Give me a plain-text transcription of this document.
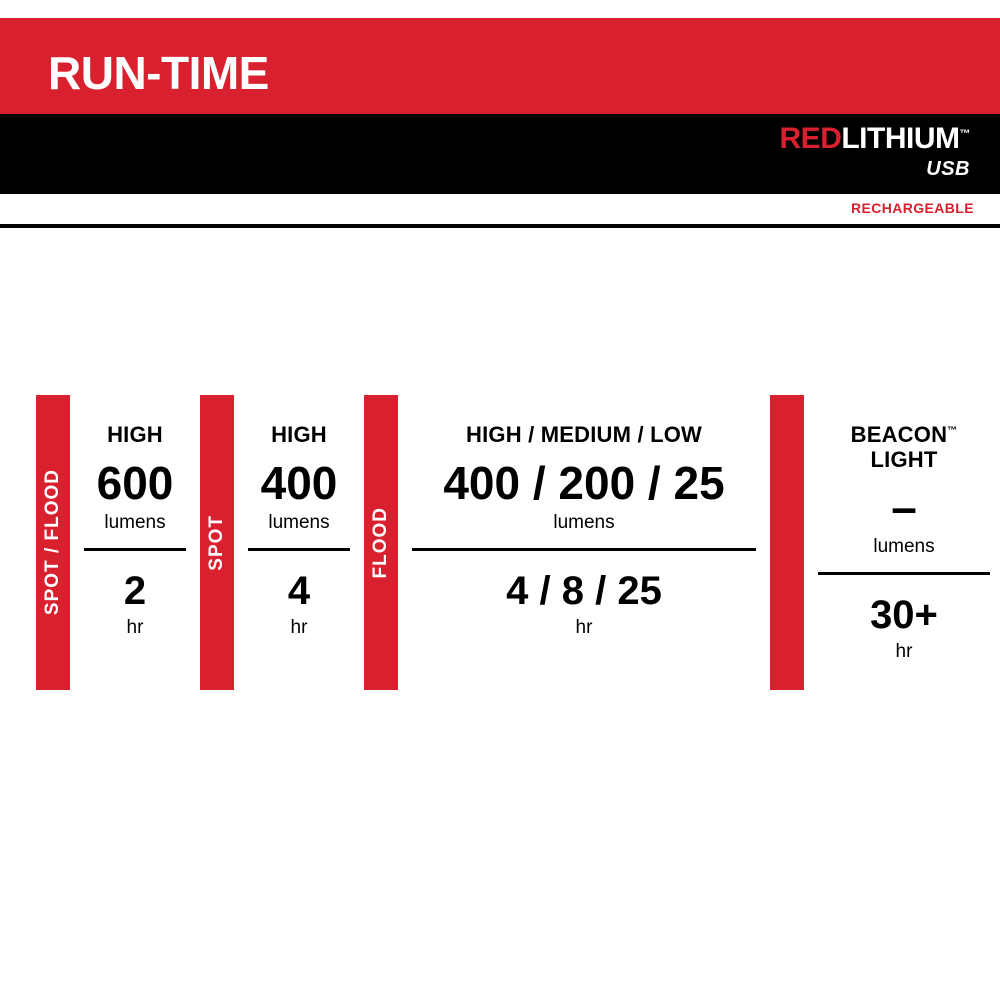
RUN-TIME
REDLITHIUM™
USB
RECHARGEABLE
SPOT / FLOOD
HIGH
600
lumens
2
hr
SPOT
HIGH
400
lumens
4
hr
FLOOD
HIGH / MEDIUM / LOW
400 / 200 / 25
lumens
4 / 8 / 25
hr
BEACON™
LIGHT
–
lumens
30+
hr
